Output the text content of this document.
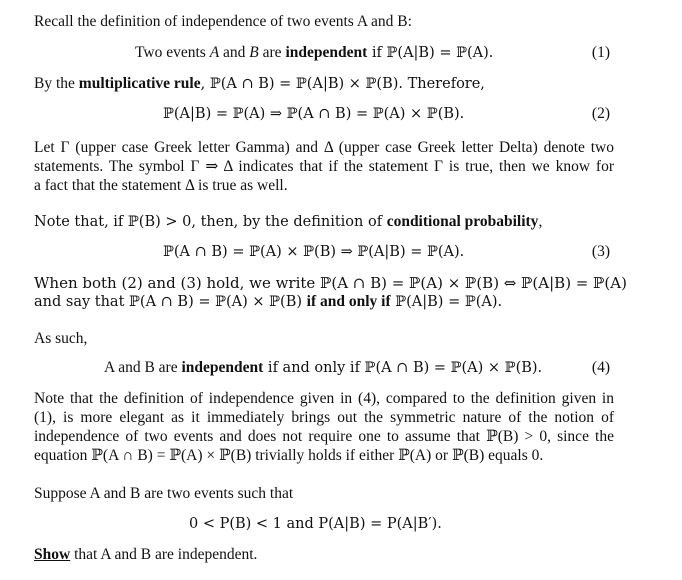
Recall the definition of independence of two events A and B:
Two events A and B are independent if ℙ(A|B) = ℙ(A).	(1)
By the multiplicative rule, ℙ(A ∩ B) = ℙ(A|B) × ℙ(B). Therefore,
ℙ(A|B) = ℙ(A) ⇒ ℙ(A ∩ B) = ℙ(A) × ℙ(B).	(2)
Let Γ (upper case Greek letter Gamma) and Δ (upper case Greek letter Delta) denote two
statements. The symbol Γ ⇒ Δ indicates that if the statement Γ is true, then we know for
a fact that the statement Δ is true as well.
Note that, if ℙ(B) > 0, then, by the definition of conditional probability,
ℙ(A ∩ B) = ℙ(A) × ℙ(B) ⇒ ℙ(A|B) = ℙ(A).	(3)
When both (2) and (3) hold, we write ℙ(A ∩ B) = ℙ(A) × ℙ(B) ⇔ ℙ(A|B) = ℙ(A)
and say that ℙ(A ∩ B) = ℙ(A) × ℙ(B) if and only if ℙ(A|B) = ℙ(A).
As such,
A and B are independent if and only if ℙ(A ∩ B) = ℙ(A) × ℙ(B).	(4)
Note that the definition of independence given in (4), compared to the definition given in
(1), is more elegant as it immediately brings out the symmetric nature of the notion of
independence of two events and does not require one to assume that ℙ(B) > 0, since the
equation ℙ(A ∩ B) = ℙ(A) × ℙ(B) trivially holds if either ℙ(A) or ℙ(B) equals 0.
Suppose A and B are two events such that
0 < P(B) < 1 and P(A|B) = P(A|B′).
Show that A and B are independent.
